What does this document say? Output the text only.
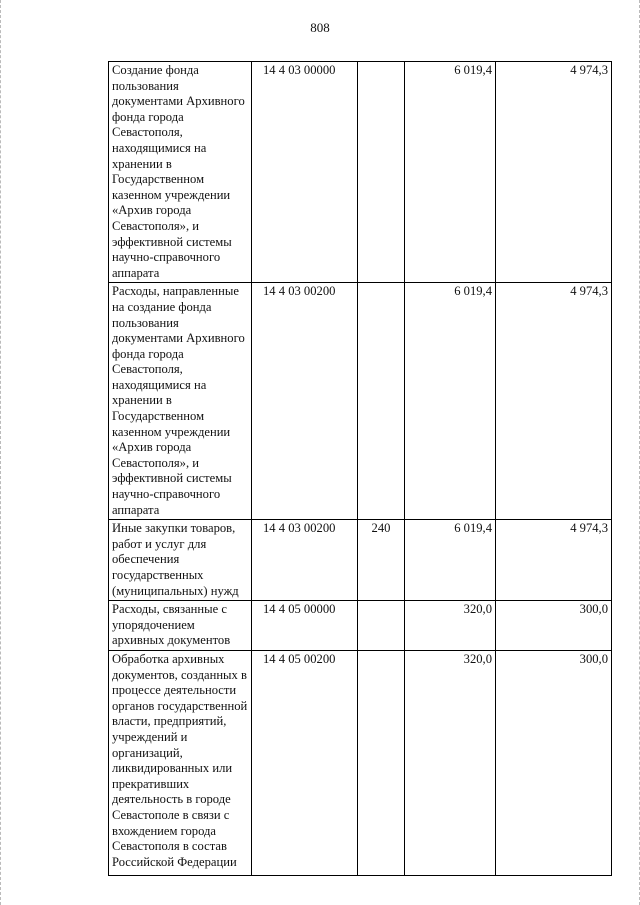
808
Создание фонда пользования документами Архивного фонда города Севастополя, находящимися на хранении в Государственном казенном учреждении «Архив города Севастополя», и эффективной системы научно-справочного аппарата	14 4 03 00000		6 019,4	4 974,3
Расходы, направленные на создание фонда пользования документами Архивного фонда города Севастополя, находящимися на хранении в Государственном казенном учреждении «Архив города Севастополя», и эффективной системы научно-справочного аппарата	14 4 03 00200		6 019,4	4 974,3
Иные закупки товаров, работ и услуг для обеспечения государственных (муниципальных) нужд	14 4 03 00200	240	6 019,4	4 974,3
Расходы, связанные с упорядочением архивных документов	14 4 05 00000		320,0	300,0
Обработка архивных документов, созданных в процессе деятельности органов государственной власти, предприятий, учреждений и организаций, ликвидированных или прекративших деятельность в городе Севастополе в связи с вхождением города Севастополя в состав Российской Федерации	14 4 05 00200		320,0	300,0
